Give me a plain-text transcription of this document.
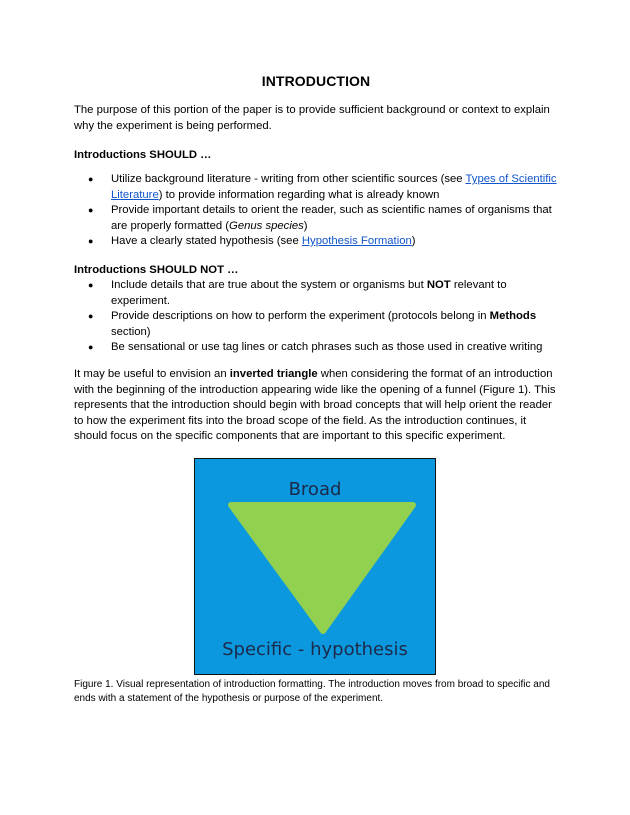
INTRODUCTION

The purpose of this portion of the paper is to provide sufficient background or context to explain why the experiment is being performed.

Introductions SHOULD …

● Utilize background literature - writing from other scientific sources (see Types of Scientific Literature) to provide information regarding what is already known
● Provide important details to orient the reader, such as scientific names of organisms that are properly formatted (Genus species)
● Have a clearly stated hypothesis (see Hypothesis Formation)

Introductions SHOULD NOT …

● Include details that are true about the system or organisms but NOT relevant to experiment.
● Provide descriptions on how to perform the experiment (protocols belong in Methods section)
● Be sensational or use tag lines or catch phrases such as those used in creative writing

It may be useful to envision an inverted triangle when considering the format of an introduction with the beginning of the introduction appearing wide like the opening of a funnel (Figure 1). This represents that the introduction should begin with broad concepts that will help orient the reader to how the experiment fits into the broad scope of the field. As the introduction continues, it should focus on the specific components that are important to this specific experiment.

Figure 1. Visual representation of introduction formatting. The introduction moves from broad to specific and ends with a statement of the hypothesis or purpose of the experiment.

Broad
Specific - hypothesis
